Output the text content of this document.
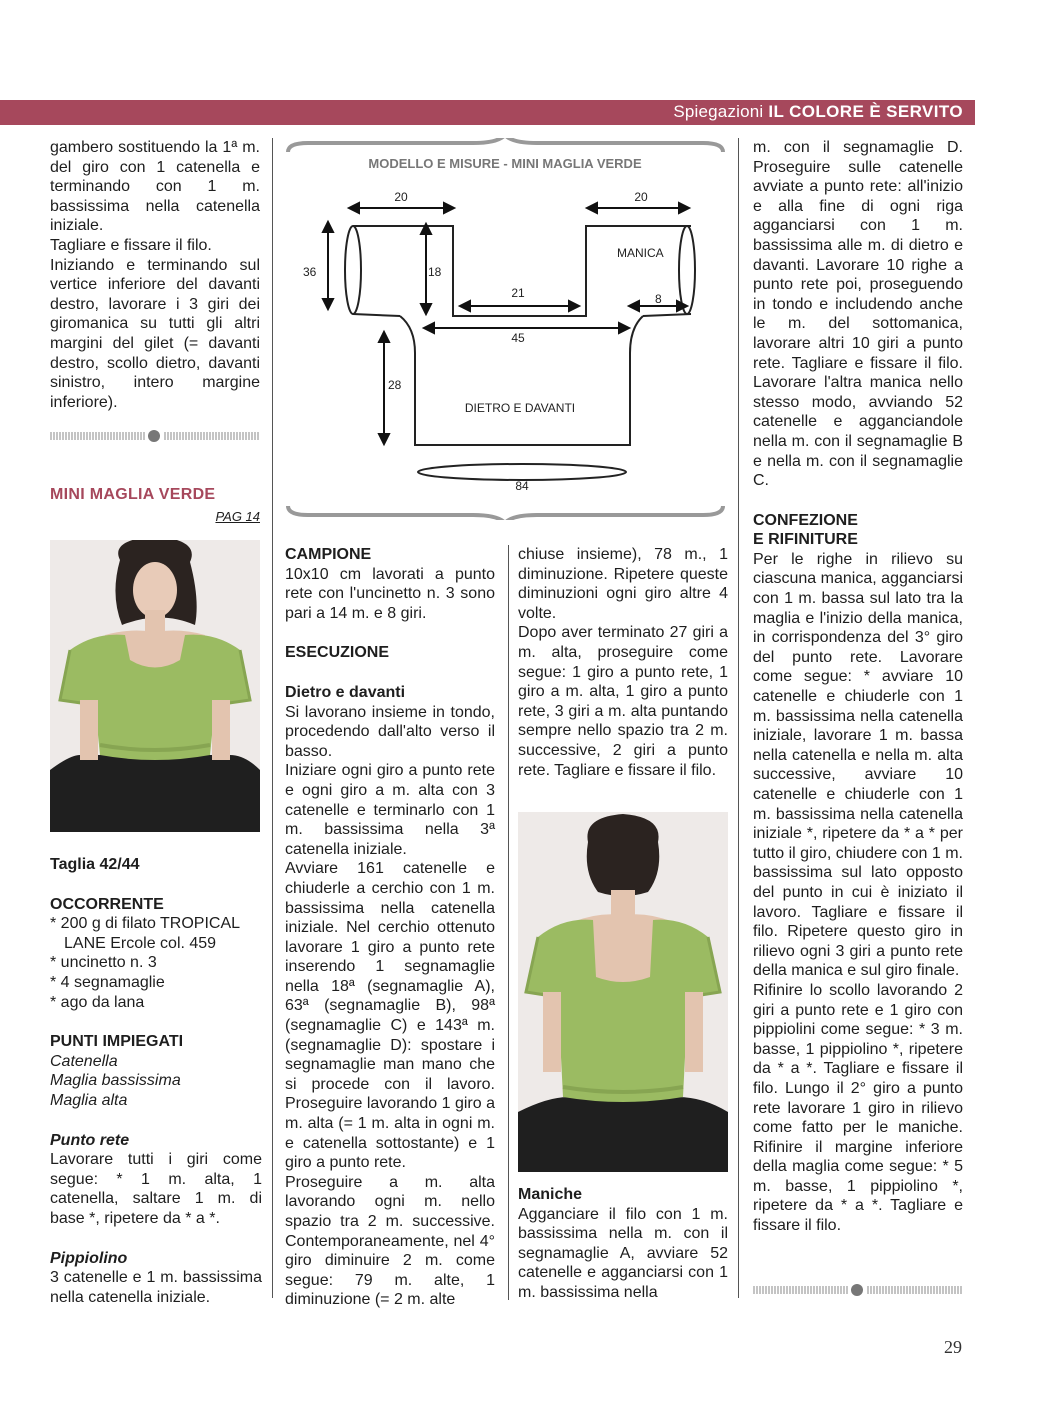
Spiegazioni IL COLORE È SERVITO

gambero sostituendo la 1ª m. del giro con 1 catenella e terminando con 1 m. bassissima nella catenella iniziale.

Tagliare e fissare il filo.

Iniziando e terminando sul vertice inferiore del davanti destro, lavorare i 3 giri dei giromanica su tutti gli altri margini del gilet (= davanti destro, scollo dietro, davanti sinistro, intero margine inferiore).

MINI MAGLIA VERDE

PAG 14

Taglia 42/44

OCCORRENTE

* 200 g di filato TROPICAL LANE Ercole col. 459

* uncinetto n. 3

* 4 segnamaglie

* ago da lana

PUNTI IMPIEGATI

Catenella

Maglia bassissima

Maglia alta

Punto rete

Lavorare tutti i giri come segue: * 1 m. alta, 1 catenella, saltare 1 m. di base *, ripetere da * a *.

Pippiolino

3 catenelle e 1 m. bassissima nella catenella iniziale.

MODELLO E MISURE - MINI MAGLIA VERDE
20	20
36	18
MANICA
21	8
45
28
DIETRO E DAVANTI
84

CAMPIONE

10x10 cm lavorati a punto rete con l'uncinetto n. 3 sono pari a 14 m. e 8 giri.

ESECUZIONE

Dietro e davanti

Si lavorano insieme in tondo, procedendo dall'alto verso il basso.

Iniziare ogni giro a punto rete e ogni giro a m. alta con 3 catenelle e terminarlo con 1 m. bassissima nella 3ª catenella iniziale.

Avviare 161 catenelle e chiuderle a cerchio con 1 m. bassissima nella catenella iniziale. Nel cerchio ottenuto lavorare 1 giro a punto rete inserendo 1 segnamaglie nella 18ª (segnamaglie A), 63ª (segnamaglie B), 98ª (segnamaglie C) e 143ª m. (segnamaglie D): spostare i segnamaglie man mano che si procede con il lavoro. Proseguire lavorando 1 giro a m. alta (= 1 m. alta in ogni m. e catenella sottostante) e 1 giro a punto rete.

Proseguire a m. alta lavorando ogni m. nello spazio tra 2 m. successive. Contemporaneamente, nel 4° giro diminuire 2 m. come segue: 79 m. alte, 1 diminuzione (= 2 m. alte

chiuse insieme), 78 m., 1 diminuzione. Ripetere queste diminuzioni ogni giro altre 4 volte.

Dopo aver terminato 27 giri a m. alta, proseguire come segue: 1 giro a punto rete, 1 giro a m. alta, 1 giro a punto rete, 3 giri a m. alta puntando sempre nello spazio tra 2 m. successive, 2 giri a punto rete. Tagliare e fissare il filo.

Maniche

Agganciare il filo con 1 m. bassissima nella m. con il segnamaglie A, avviare 52 catenelle e agganciarsi con 1 m. bassissima nella

m. con il segnamaglie D. Proseguire sulle catenelle avviate a punto rete: all'inizio e alla fine di ogni riga agganciarsi con 1 m. bassissima alle m. di dietro e davanti. Lavorare 10 righe a punto rete poi, proseguendo in tondo e includendo anche le m. del sottomanica, lavorare altri 10 giri a punto rete. Tagliare e fissare il filo. Lavorare l'altra manica nello stesso modo, avviando 52 catenelle e agganciandole nella m. con il segnamaglie B e nella m. con il segnamaglie C.

CONFEZIONE

E RIFINITURE

Per le righe in rilievo su ciascuna manica, agganciarsi con 1 m. bassa sul lato tra la maglia e l'inizio della manica, in corrispondenza del 3° giro del punto rete. Lavorare come segue: * avviare 10 catenelle e chiuderle con 1 m. bassissima nella catenella iniziale, lavorare 1 m. bassa nella catenella e nella m. alta successive, avviare 10 catenelle e chiuderle con 1 m. bassissima nella catenella iniziale *, ripetere da * a * per tutto il giro, chiudere con 1 m. bassissima sul lato opposto del punto in cui è iniziato il lavoro. Tagliare e fissare il filo. Ripetere questo giro in rilievo ogni 3 giri a punto rete della manica e sul giro finale.

Rifinire lo scollo lavorando 2 giri a punto rete e 1 giro con pippiolini come segue: * 3 m. basse, 1 pippiolino *, ripetere da * a *. Tagliare e fissare il filo. Lungo il 2° giro a punto rete lavorare 1 giro in rilievo come fatto per le maniche. Rifinire il margine inferiore della maglia come segue: * 5 m. basse, 1 pippiolino *, ripetere da * a *. Tagliare e fissare il filo.

29
